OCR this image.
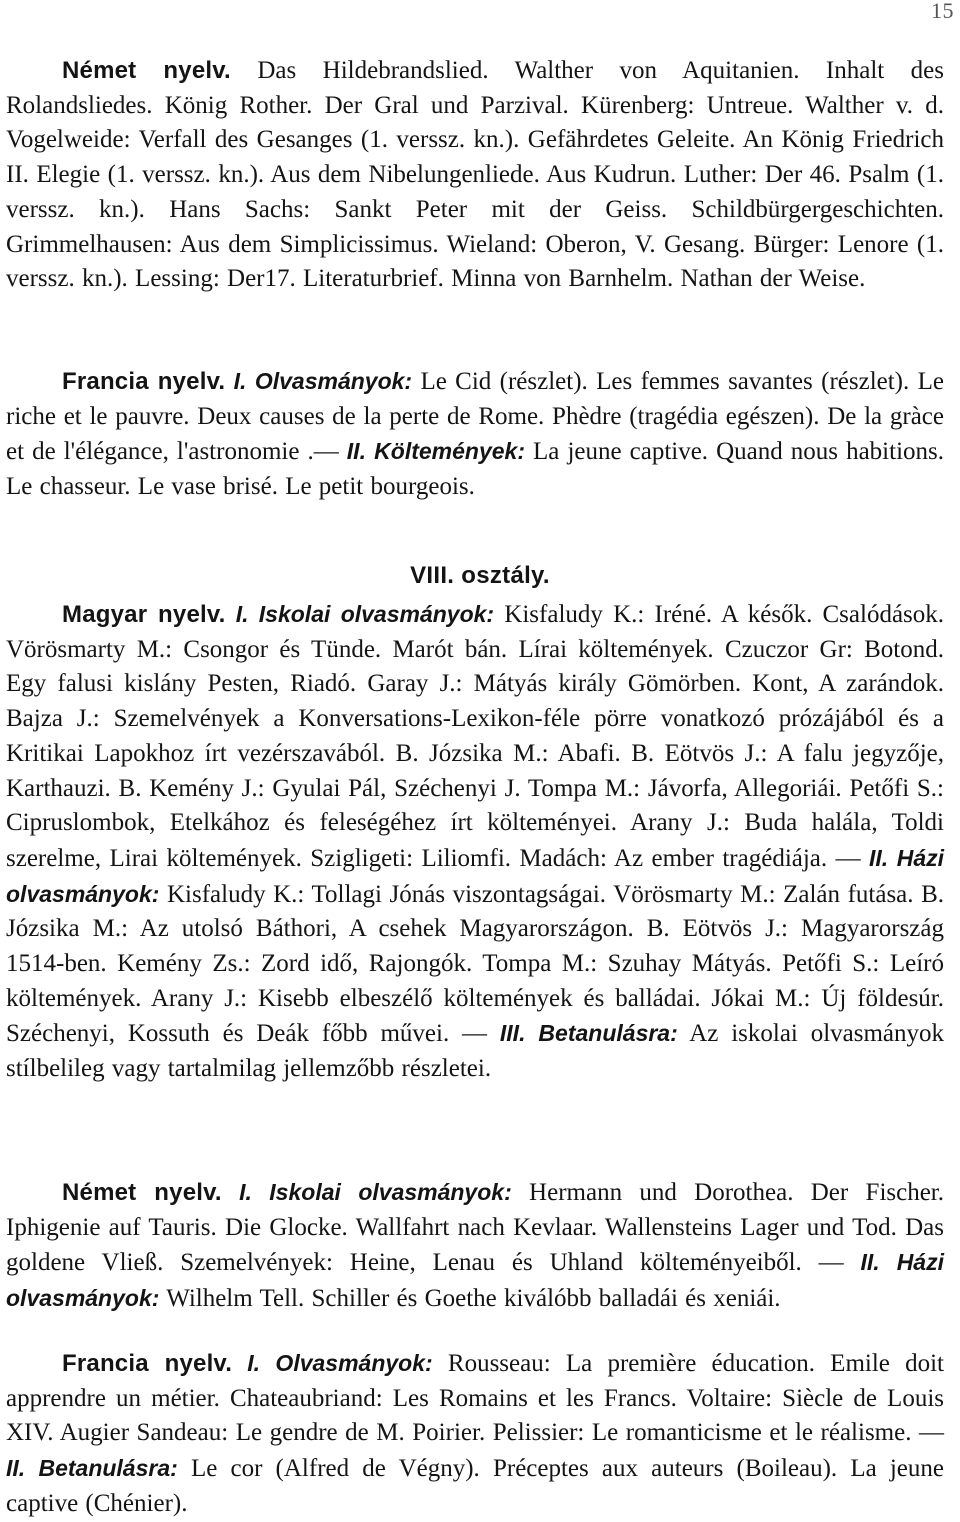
15

Német nyelv. Das Hildebrandslied. Walther von Aquitanien. Inhalt des Rolandsliedes. König Rother. Der Gral und Parzival. Kürenberg: Untreue. Walther v. d. Vogelweide: Verfall des Gesanges (1. verssz. kn.). Gefährdetes Geleite. An König Friedrich II. Elegie (1. verssz. kn.). Aus dem Nibelungenliede. Aus Kudrun. Luther: Der 46. Psalm (1. verssz. kn.). Hans Sachs: Sankt Peter mit der Geiss. Schildbürgergeschichten. Grimmelhausen: Aus dem Simplicissimus. Wieland: Oberon, V. Gesang. Bürger: Lenore (1. verssz. kn.). Lessing: Der17. Literaturbrief. Minna von Barnhelm. Nathan der Weise.

Francia nyelv. I. Olvasmányok: Le Cid (részlet). Les femmes savantes (részlet). Le riche et le pauvre. Deux causes de la perte de Rome. Phèdre (tragédia egészen). De la gràce et de l'élégance, l'astronomie .— II. Költemények: La jeune captive. Quand nous habitions. Le chasseur. Le vase brisé. Le petit bourgeois.

VIII. osztály.

Magyar nyelv. I. Iskolai olvasmányok: Kisfaludy K.: Iréné. A késők. Csalódások. Vörösmarty M.: Csongor és Tünde. Marót bán. Lírai költemények. Czuczor Gr: Botond. Egy falusi kislány Pesten, Riadó. Garay J.: Mátyás király Gömörben. Kont, A zarándok. Bajza J.: Szemelvények a Konversations-Lexikon-féle pörre vonatkozó prózájából és a Kritikai Lapokhoz írt vezérszavából. B. Józsika M.: Abafi. B. Eötvös J.: A falu jegyzője, Karthauzi. B. Kemény J.: Gyulai Pál, Széchenyi J. Tompa M.: Jávorfa, Allegoriái. Petőfi S.: Cipruslombok, Etelkához és feleségéhez írt költeményei. Arany J.: Buda halála, Toldi szerelme, Lirai költemények. Szigligeti: Liliomfi. Madách: Az ember tragédiája. — II. Házi olvasmányok: Kisfaludy K.: Tollagi Jónás viszontagságai. Vörösmarty M.: Zalán futása. B. Józsika M.: Az utolsó Báthori, A csehek Magyarországon. B. Eötvös J.: Magyarország 1514-ben. Kemény Zs.: Zord idő, Rajongók. Tompa M.: Szuhay Mátyás. Petőfi S.: Leíró költemények. Arany J.: Kisebb elbeszélő költemények és balládai. Jókai M.: Új földesúr. Széchenyi, Kossuth és Deák főbb művei. — III. Betanulásra: Az iskolai olvasmányok stílbelileg vagy tartalmilag jellemzőbb részletei.

Német nyelv. I. Iskolai olvasmányok: Hermann und Dorothea. Der Fischer. Iphigenie auf Tauris. Die Glocke. Wallfahrt nach Kevlaar. Wallensteins Lager und Tod. Das goldene Vließ. Szemelvények: Heine, Lenau és Uhland költeményeiből. — II. Házi olvasmányok: Wilhelm Tell. Schiller és Goethe kiválóbb balladái és xeniái.

Francia nyelv. I. Olvasmányok: Rousseau: La première éducation. Emile doit apprendre un métier. Chateaubriand: Les Romains et les Francs. Voltaire: Siècle de Louis XIV. Augier Sandeau: Le gendre de M. Poirier. Pelissier: Le romanticisme et le réalisme. — II. Betanulásra: Le cor (Alfred de Végny). Préceptes aux auteurs (Boileau). La jeune captive (Chénier).
